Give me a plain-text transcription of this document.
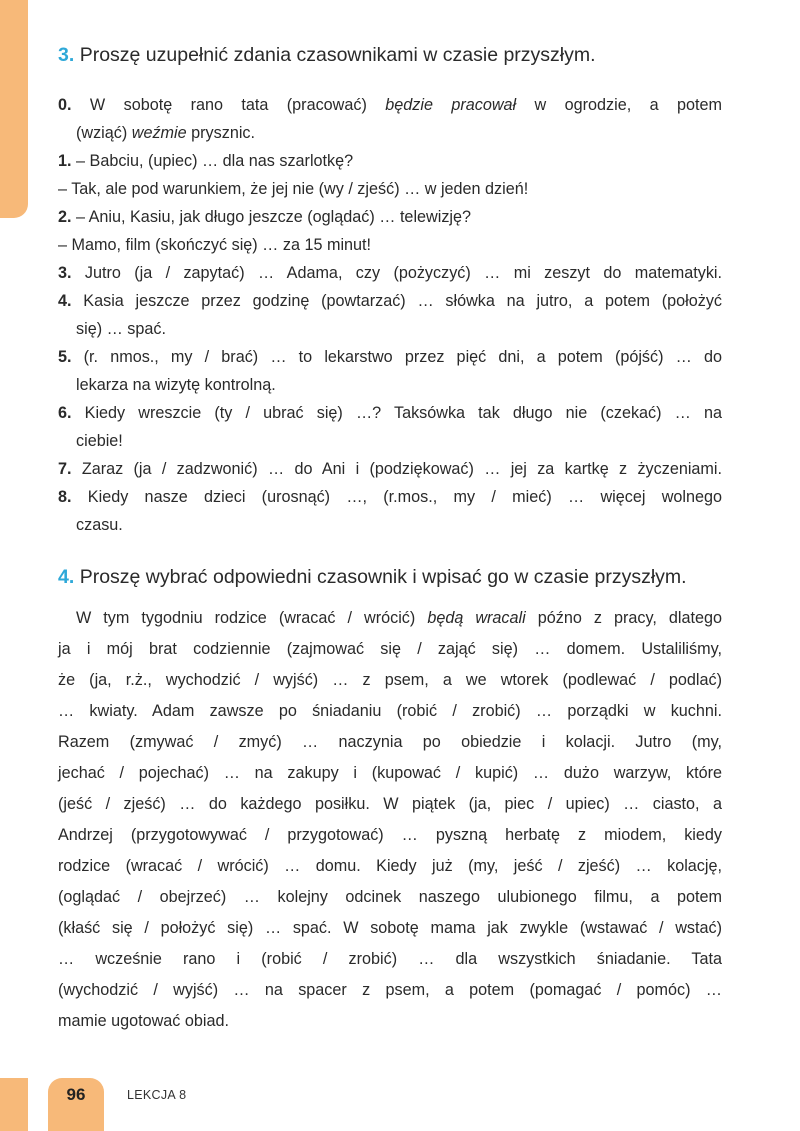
3. Proszę uzupełnić zdania czasownikami w czasie przyszłym.
0. W sobotę rano tata (pracować) będzie pracował w ogrodzie, a potem
(wziąć) weźmie prysznic.
1. – Babciu, (upiec) … dla nas szarlotkę?
– Tak, ale pod warunkiem, że jej nie (wy / zjeść) … w jeden dzień!
2. – Aniu, Kasiu, jak długo jeszcze (oglądać) … telewizję?
– Mamo, film (skończyć się) … za 15 minut!
3. Jutro (ja / zapytać) … Adama, czy (pożyczyć) … mi zeszyt do matematyki.
4. Kasia jeszcze przez godzinę (powtarzać) … słówka na jutro, a potem (położyć
się) … spać.
5. (r. nmos., my / brać) … to lekarstwo przez pięć dni, a potem (pójść) … do
lekarza na wizytę kontrolną.
6. Kiedy wreszcie (ty / ubrać się) …? Taksówka tak długo nie (czekać) … na
ciebie!
7. Zaraz (ja / zadzwonić) … do Ani i (podziękować) … jej za kartkę z życzeniami.
8. Kiedy nasze dzieci (urosnąć) …, (r.mos., my / mieć) … więcej wolnego
czasu.
4. Proszę wybrać odpowiedni czasownik i wpisać go w czasie przyszłym.
W tym tygodniu rodzice (wracać / wrócić) będą wracali późno z pracy, dlatego
ja i mój brat codziennie (zajmować się / zająć się) … domem. Ustaliliśmy,
że (ja, r.ż., wychodzić / wyjść) … z psem, a we wtorek (podlewać / podlać)
… kwiaty. Adam zawsze po śniadaniu (robić / zrobić) … porządki w kuchni.
Razem (zmywać / zmyć) … naczynia po obiedzie i kolacji. Jutro (my,
jechać / pojechać) … na zakupy i (kupować / kupić) … dużo warzyw, które
(jeść / zjeść) … do każdego posiłku. W piątek (ja, piec / upiec) … ciasto, a
Andrzej (przygotowywać / przygotować) … pyszną herbatę z miodem, kiedy
rodzice (wracać / wrócić) … domu. Kiedy już (my, jeść / zjeść) … kolację,
(oglądać / obejrzeć) … kolejny odcinek naszego ulubionego filmu, a potem
(kłaść się / położyć się) … spać. W sobotę mama jak zwykle (wstawać / wstać)
… wcześnie rano i (robić / zrobić) … dla wszystkich śniadanie. Tata
(wychodzić / wyjść) … na spacer z psem, a potem (pomagać / pomóc) …
mamie ugotować obiad.
96	LEKCJA 8
